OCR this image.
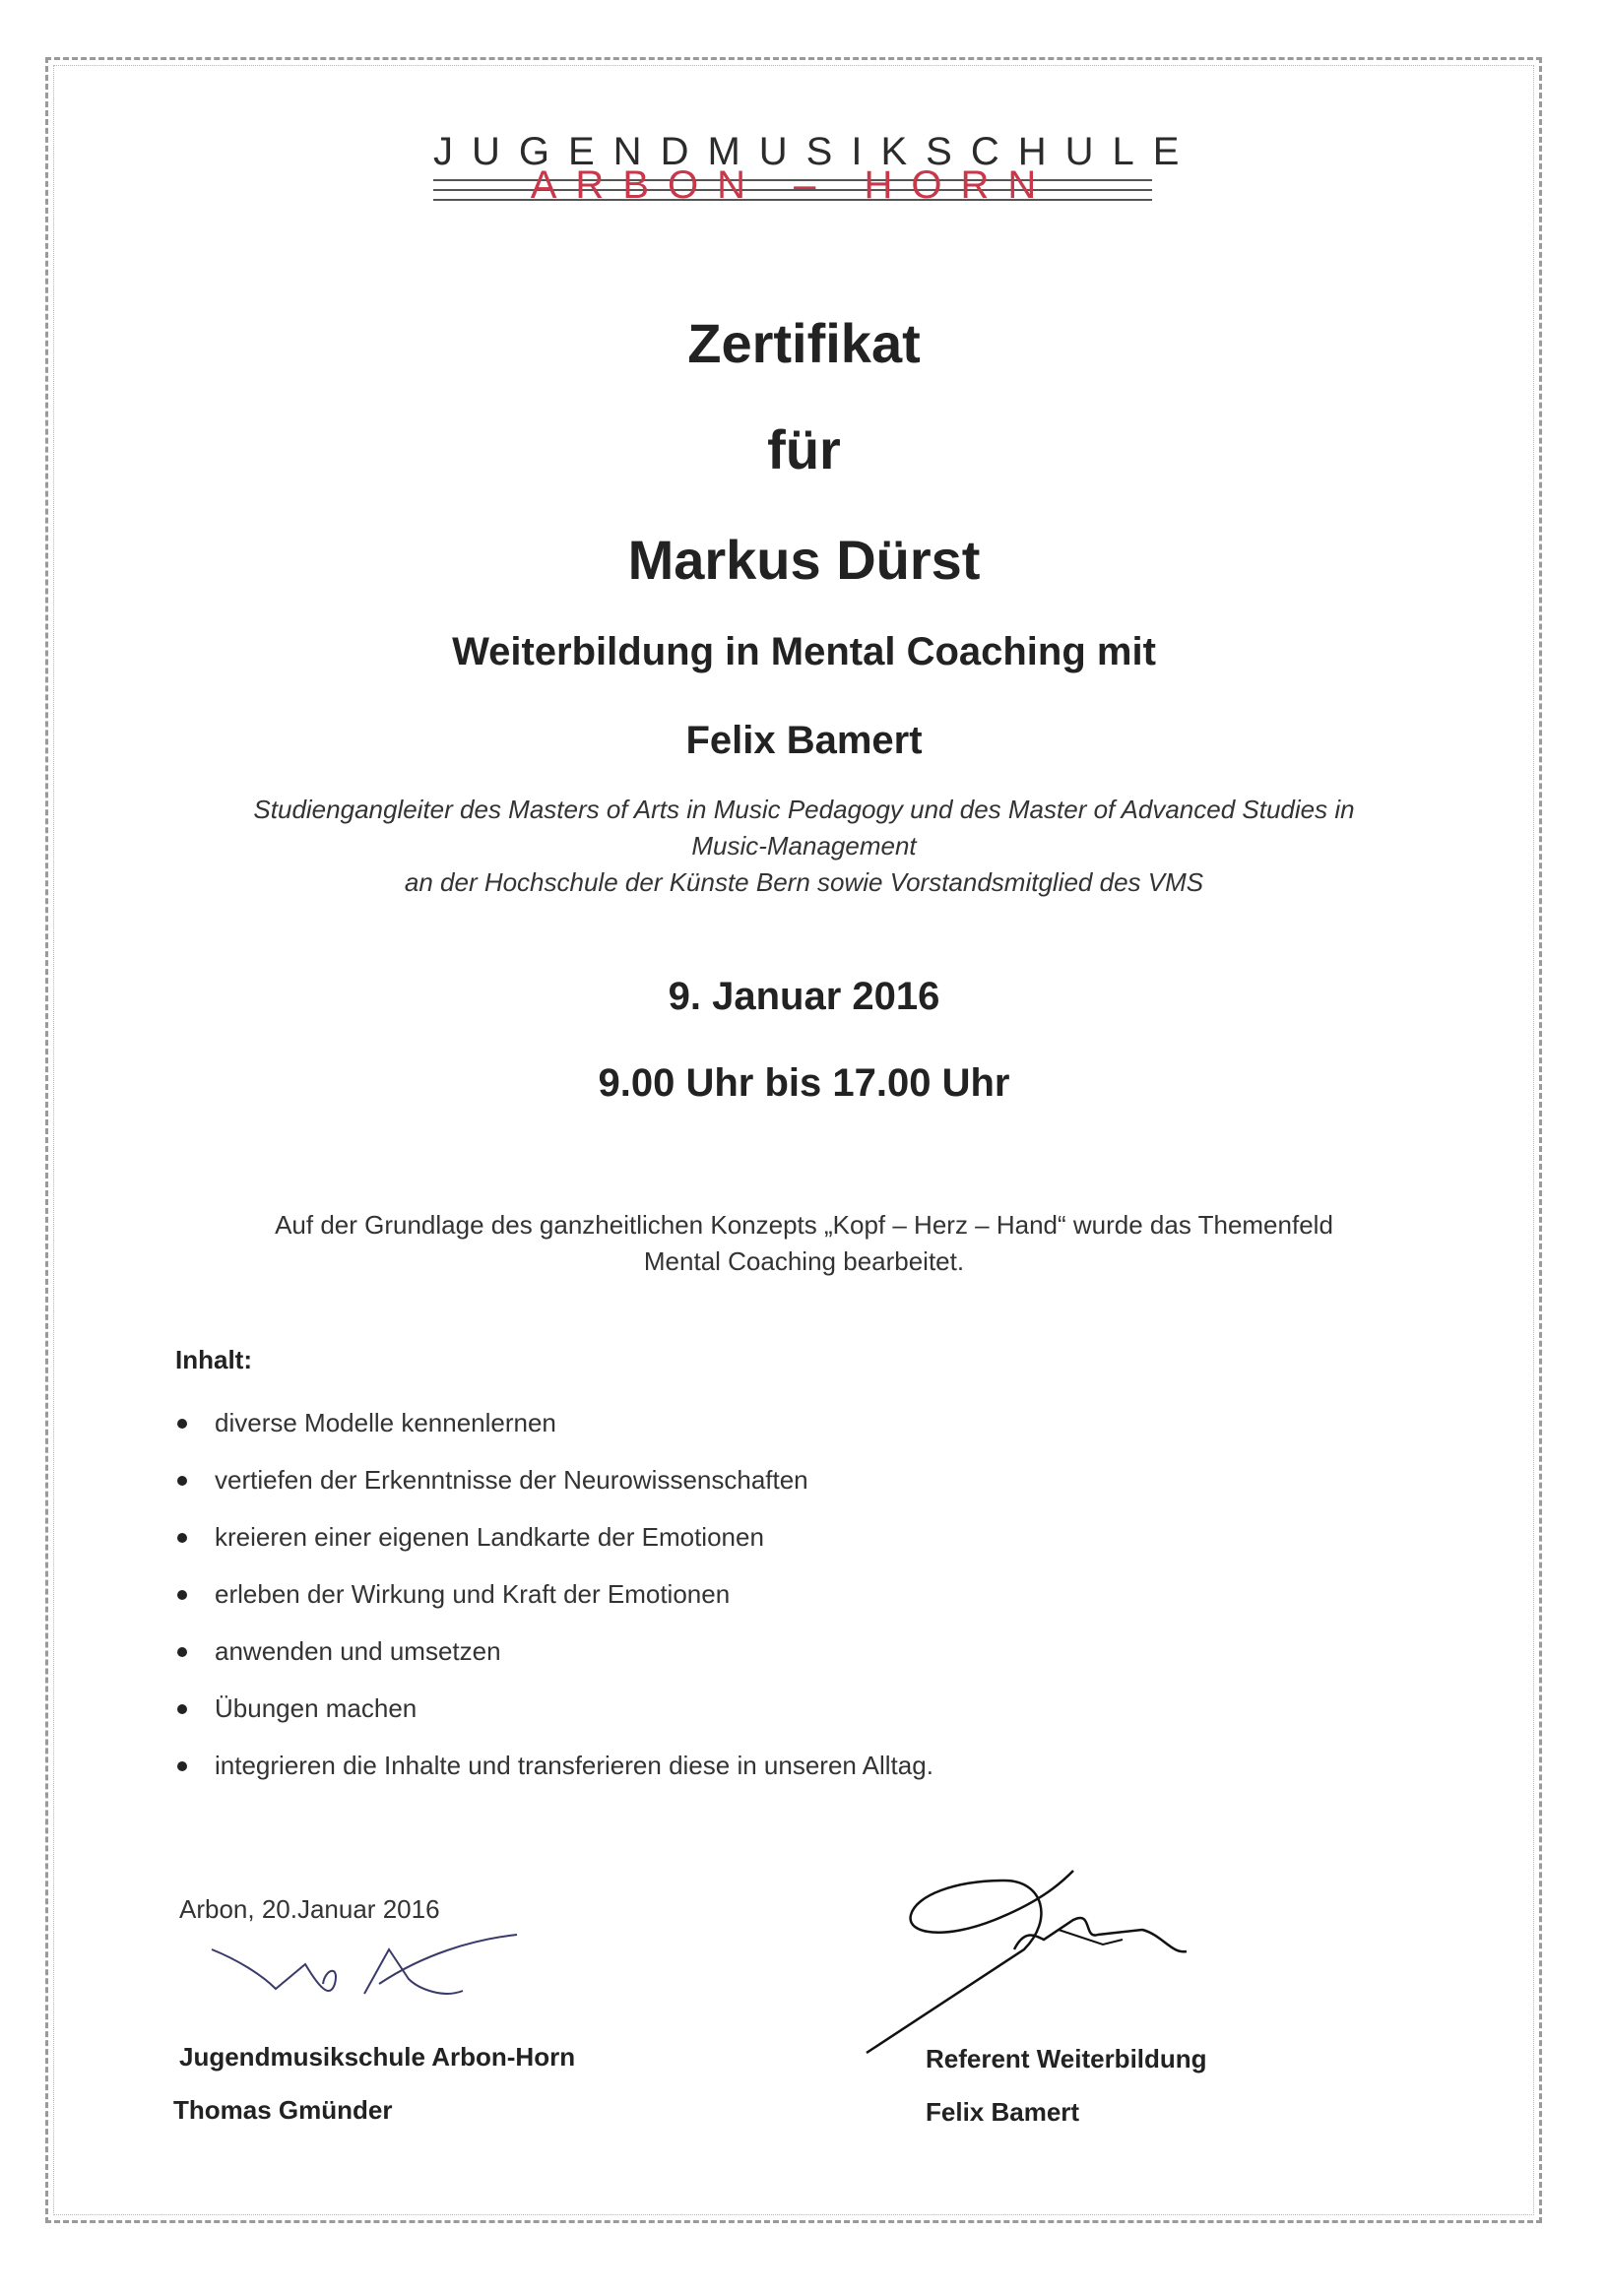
JUGENDMUSIKSCHULE
ARBON – HORN
Zertifikat
für
Markus Dürst
Weiterbildung in Mental Coaching mit
Felix Bamert
Studiengangleiter des Masters of Arts in Music Pedagogy und des Master of Advanced Studies in
Music-Management
an der Hochschule der Künste Bern sowie Vorstandsmitglied des VMS
9. Januar 2016
9.00 Uhr bis 17.00 Uhr
Auf der Grundlage des ganzheitlichen Konzepts „Kopf – Herz – Hand“ wurde das Themenfeld
Mental Coaching bearbeitet.
Inhalt:
diverse Modelle kennenlernen
vertiefen der Erkenntnisse der Neurowissenschaften
kreieren einer eigenen Landkarte der Emotionen
erleben der Wirkung und Kraft der Emotionen
anwenden und umsetzen
Übungen machen
integrieren die Inhalte und transferieren diese in unseren Alltag.
Arbon, 20.Januar 2016
Jugendmusikschule Arbon-Horn
Thomas Gmünder
Referent Weiterbildung
Felix Bamert
